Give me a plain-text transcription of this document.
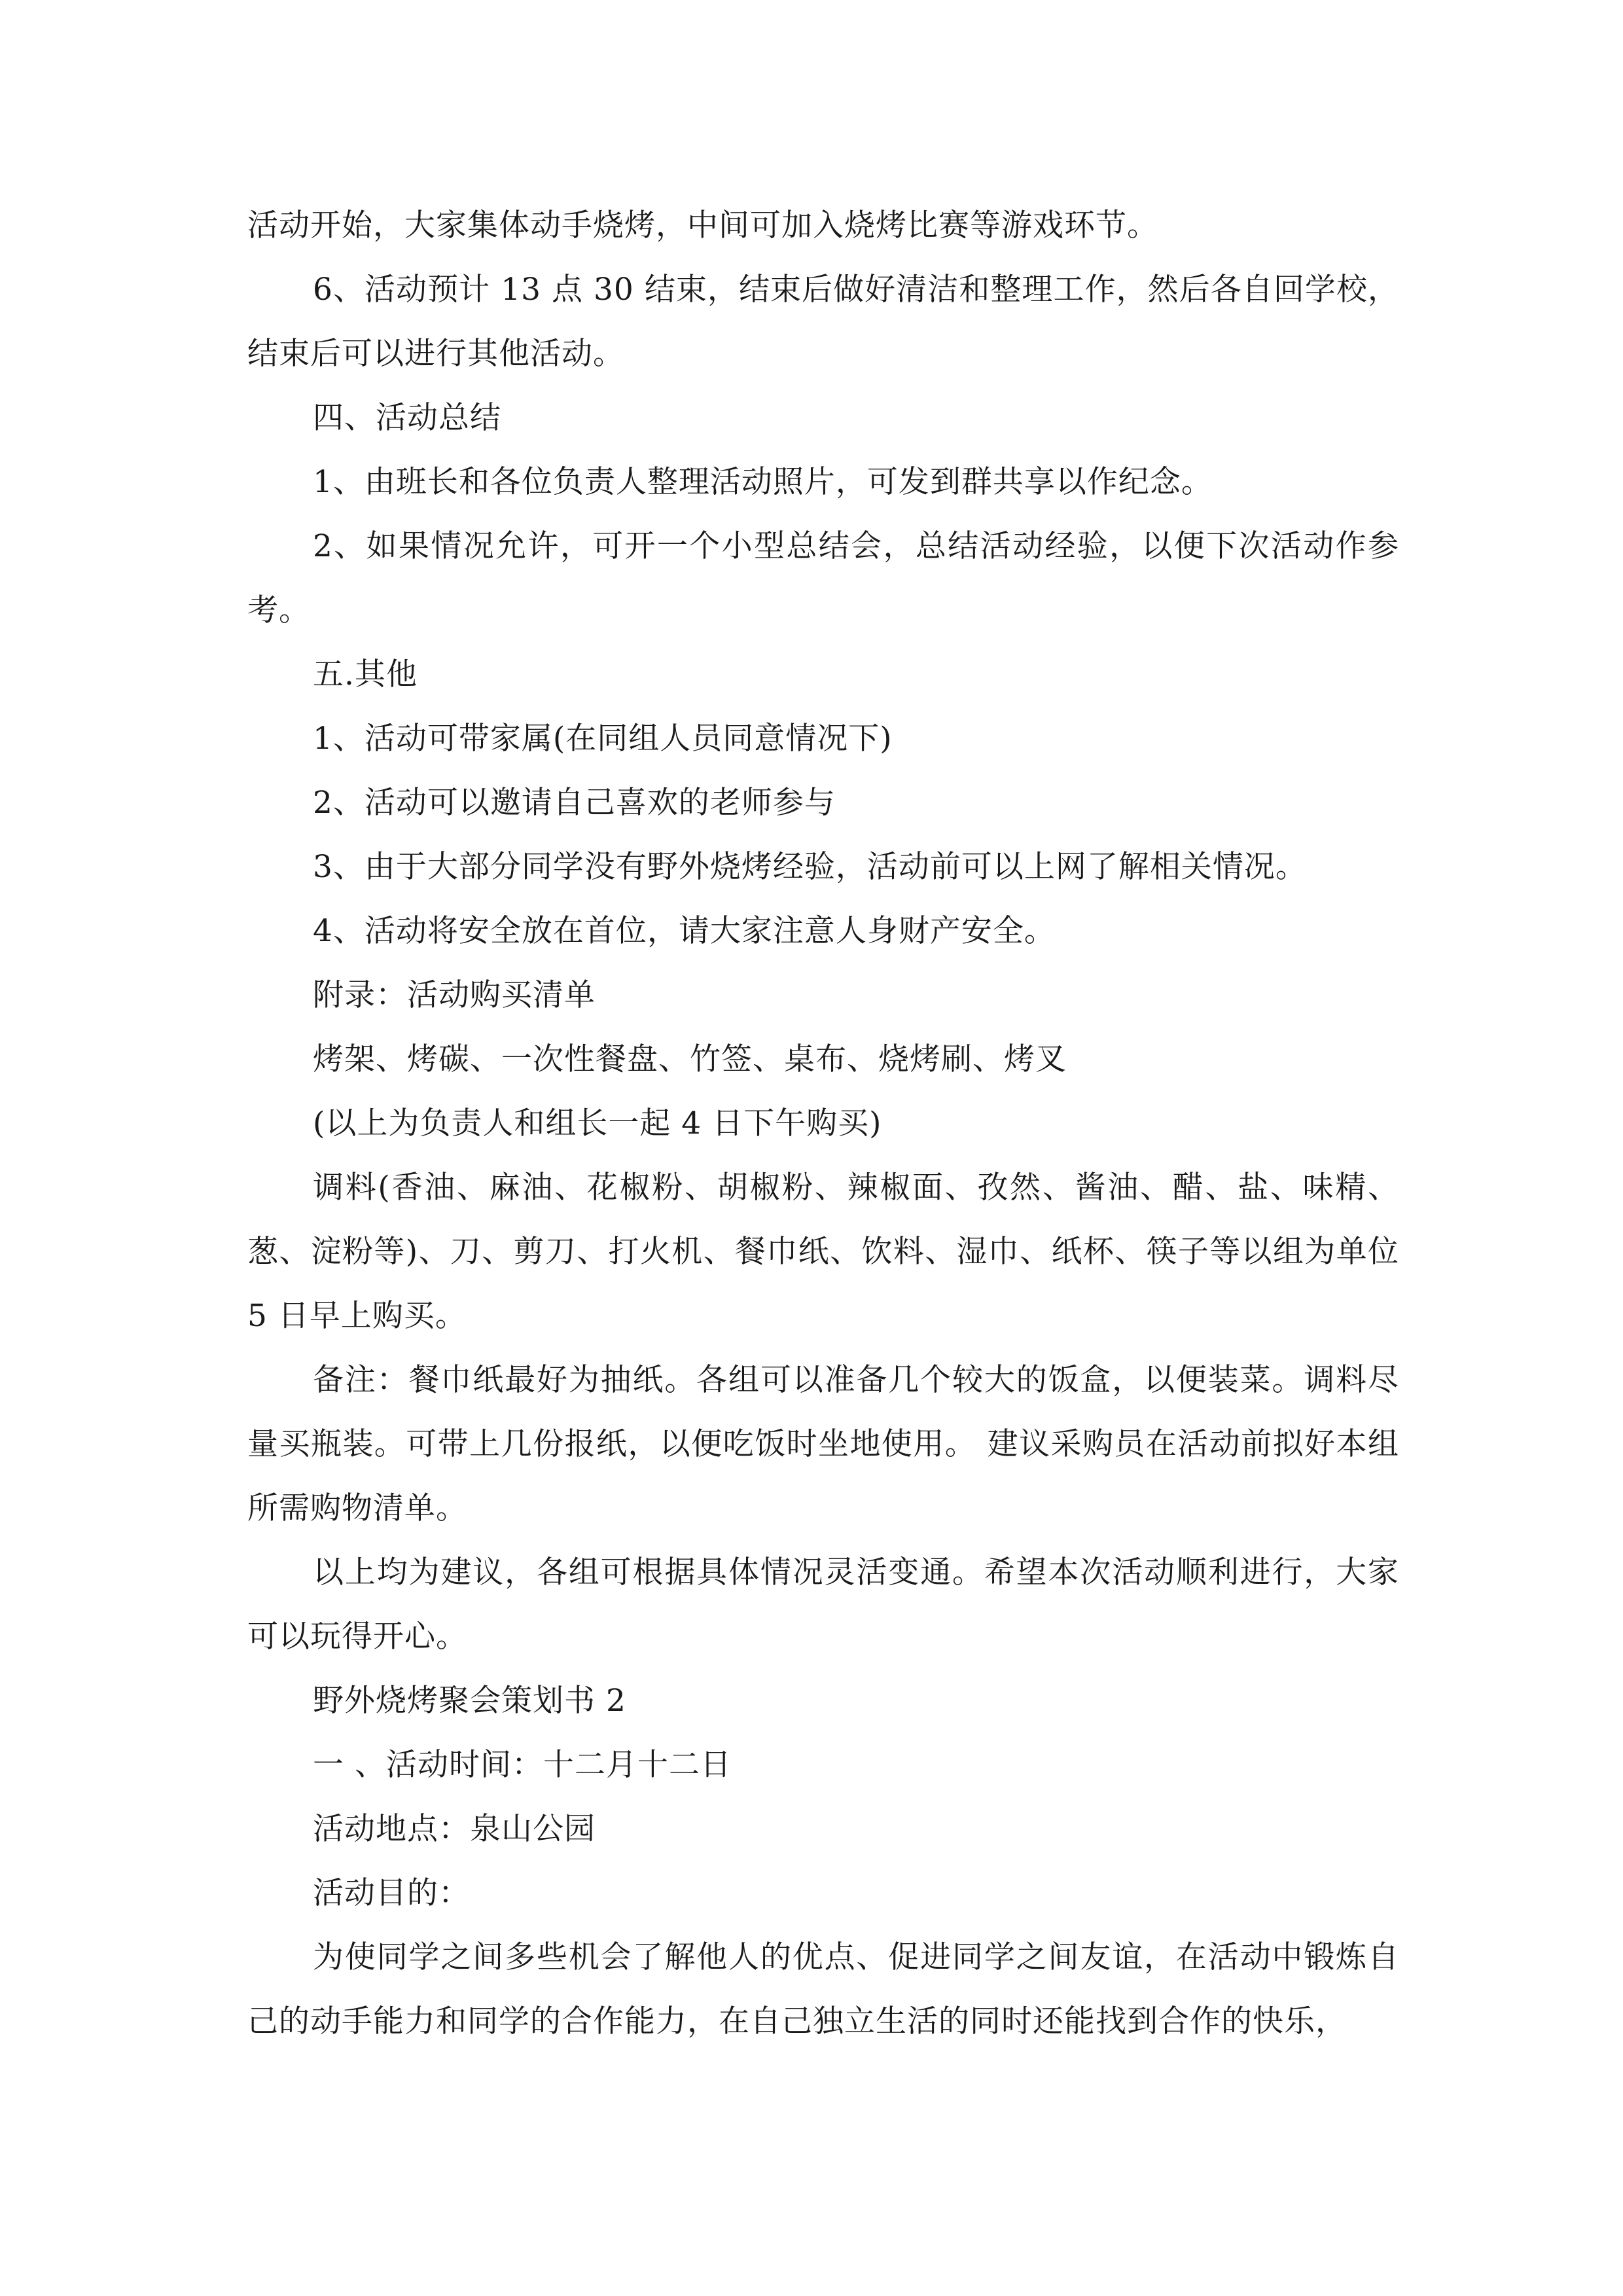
活动开始，大家集体动手烧烤，中间可加入烧烤比赛等游戏环节。

6、活动预计 13 点 30 结束，结束后做好清洁和整理工作，然后各自回学校，结束后可以进行其他活动。

四、活动总结

1、由班长和各位负责人整理活动照片，可发到群共享以作纪念。

2、如果情况允许，可开一个小型总结会，总结活动经验，以便下次活动作参考。

五.其他

1、活动可带家属(在同组人员同意情况下)

2、活动可以邀请自己喜欢的老师参与

3、由于大部分同学没有野外烧烤经验，活动前可以上网了解相关情况。

4、活动将安全放在首位，请大家注意人身财产安全。

附录：活动购买清单

烤架、烤碳、一次性餐盘、竹签、桌布、烧烤刷、烤叉

(以上为负责人和组长一起 4 日下午购买)

调料(香油、麻油、花椒粉、胡椒粉、辣椒面、孜然、酱油、醋、盐、味精、葱、淀粉等)、刀、剪刀、打火机、餐巾纸、饮料、湿巾、纸杯、筷子等以组为单位 5 日早上购买。

备注：餐巾纸最好为抽纸。各组可以准备几个较大的饭盒，以便装菜。调料尽量买瓶装。可带上几份报纸，以便吃饭时坐地使用。 建议采购员在活动前拟好本组所需购物清单。

以上均为建议，各组可根据具体情况灵活变通。希望本次活动顺利进行，大家可以玩得开心。

野外烧烤聚会策划书 2

一 、活动时间：十二月十二日

活动地点：泉山公园

活动目的：

为使同学之间多些机会了解他人的优点、促进同学之间友谊，在活动中锻炼自己的动手能力和同学的合作能力，在自己独立生活的同时还能找到合作的快乐，
